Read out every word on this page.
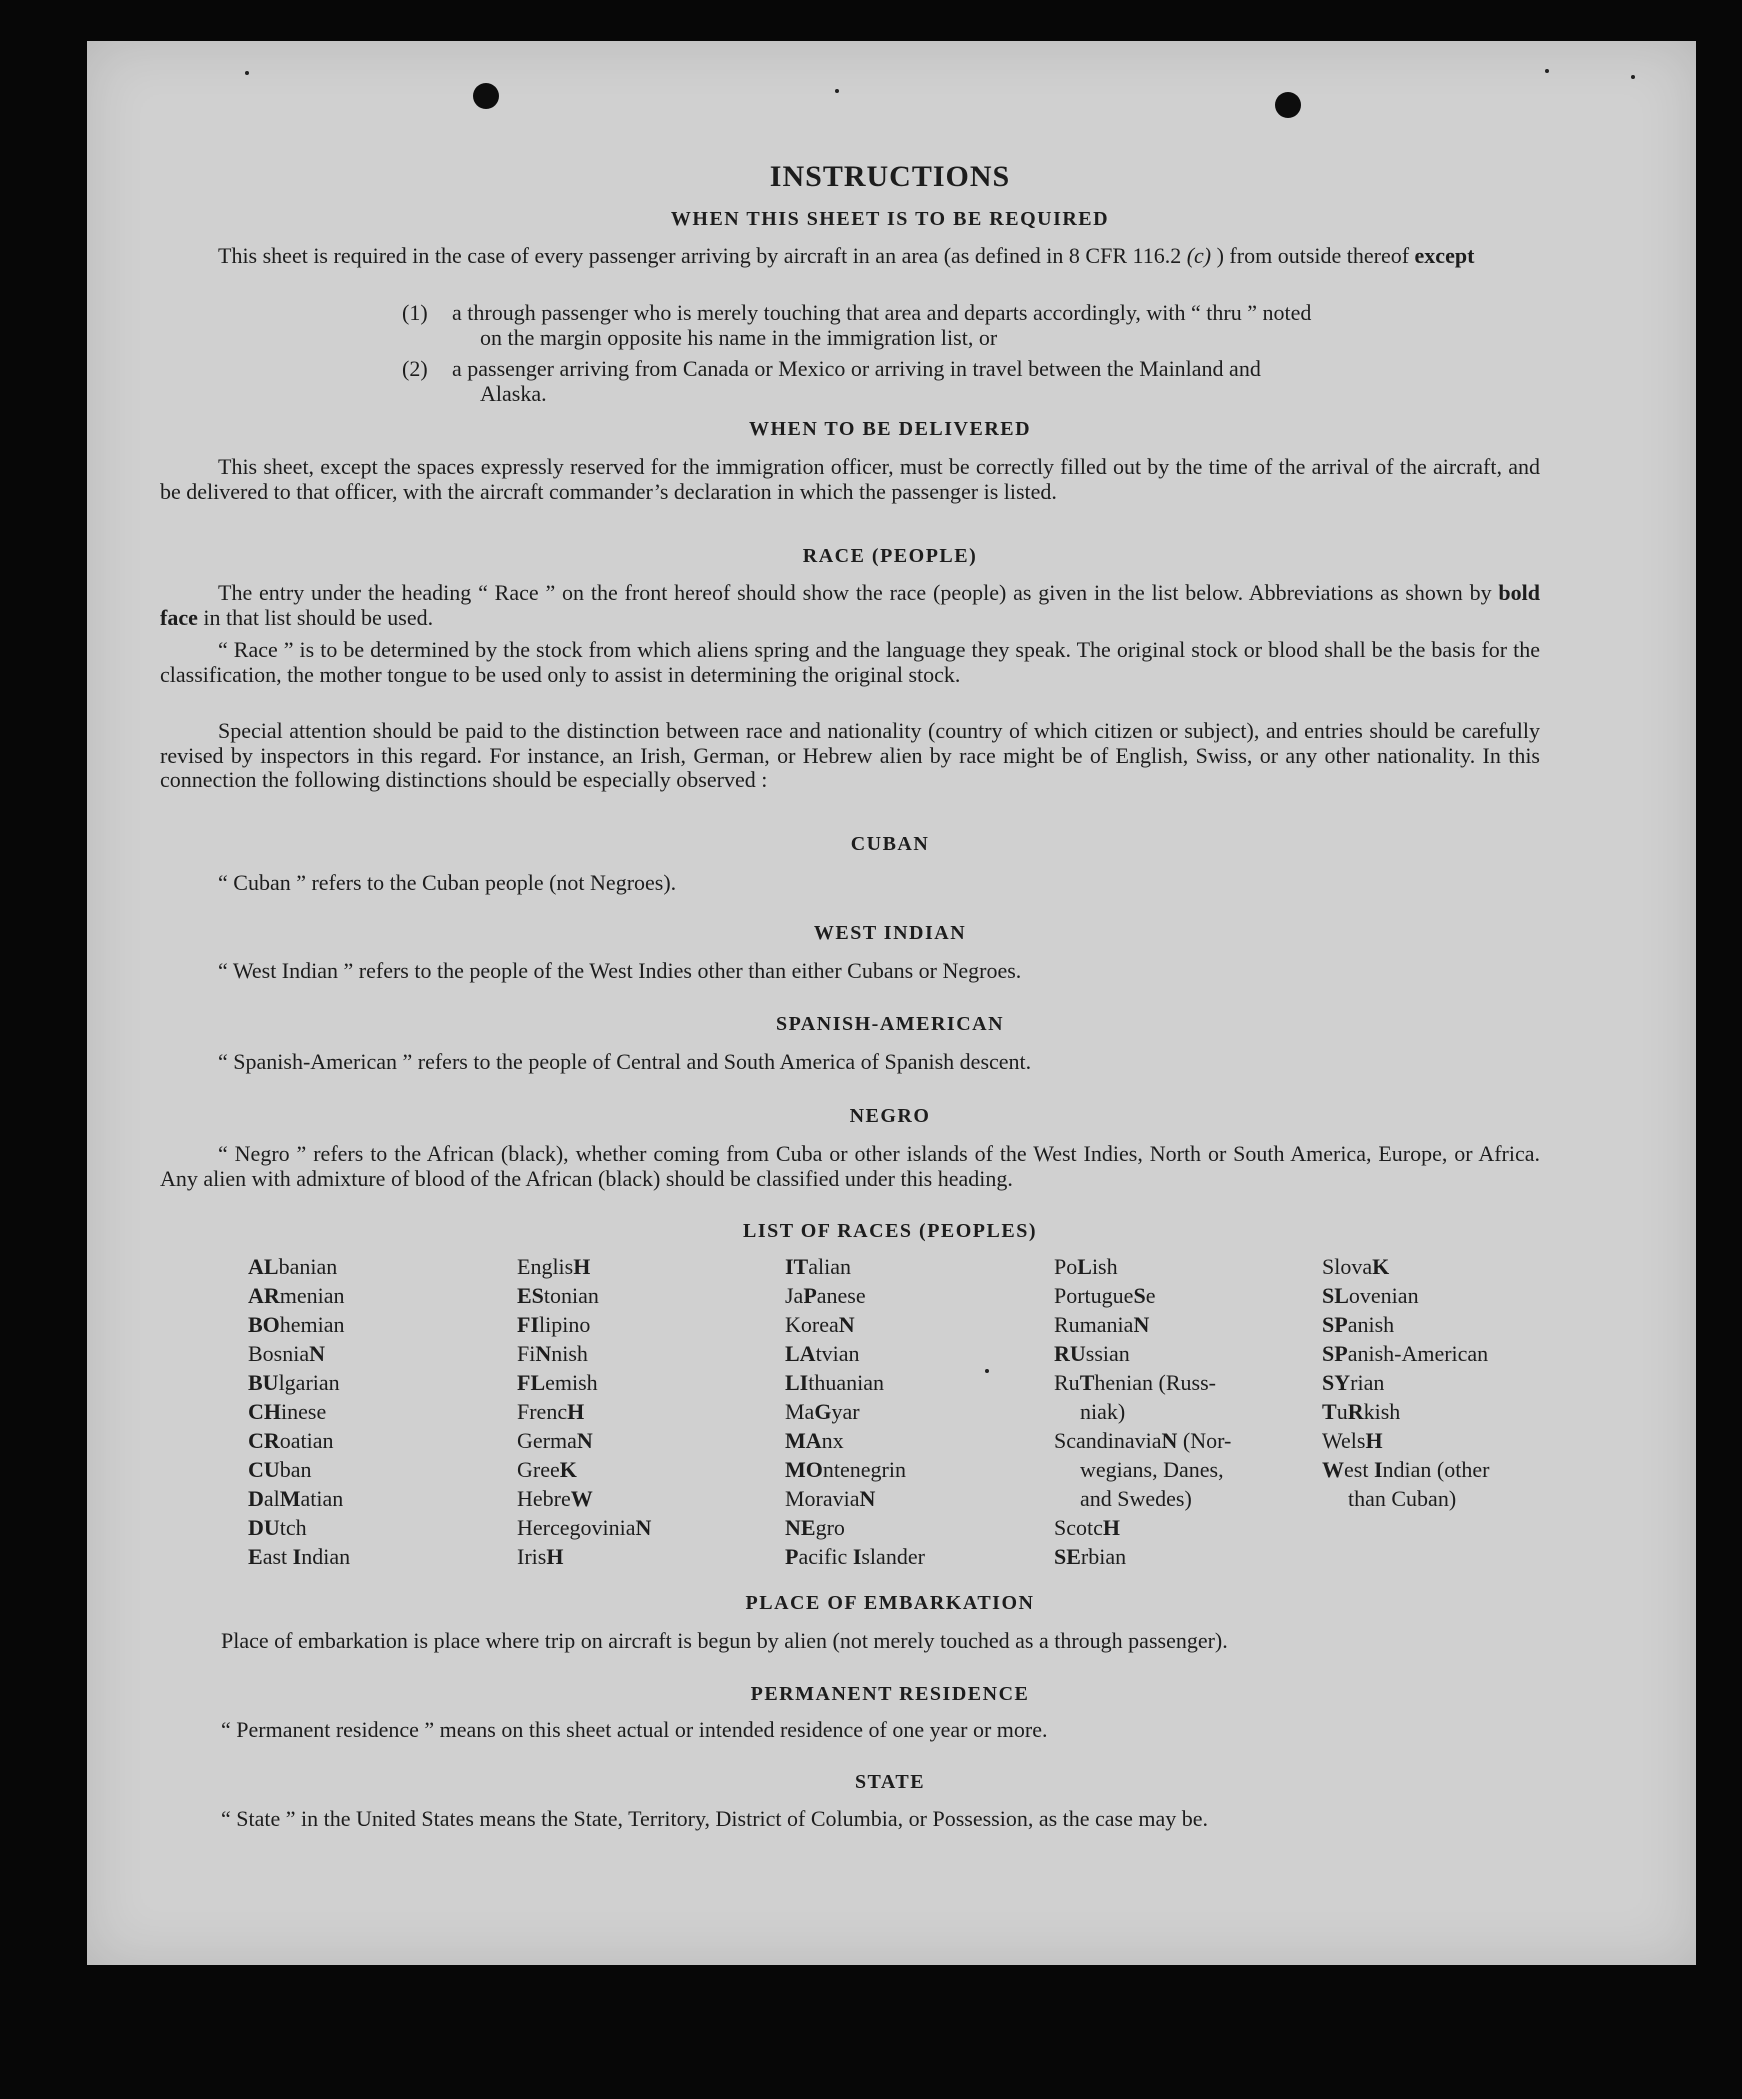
INSTRUCTIONS
WHEN THIS SHEET IS TO BE REQUIRED
This sheet is required in the case of every passenger arriving by aircraft in an area (as defined in 8 CFR 116.2 (c) ) from outside thereof except
(1) a through passenger who is merely touching that area and departs accordingly, with “ thru ” noted
on the margin opposite his name in the immigration list, or
(2) a passenger arriving from Canada or Mexico or arriving in travel between the Mainland and
Alaska.
WHEN TO BE DELIVERED
This sheet, except the spaces expressly reserved for the immigration officer, must be correctly filled out by the time of the arrival of the aircraft, and be delivered to that officer, with the aircraft commander’s declaration in which the passenger is listed.
RACE (PEOPLE)
The entry under the heading “ Race ” on the front hereof should show the race (people) as given in the list below. Abbreviations as shown by bold face in that list should be used.
“ Race ” is to be determined by the stock from which aliens spring and the language they speak. The original stock or blood shall be the basis for the classification, the mother tongue to be used only to assist in determining the original stock.
Special attention should be paid to the distinction between race and nationality (country of which citizen or subject), and entries should be carefully revised by inspectors in this regard. For instance, an Irish, German, or Hebrew alien by race might be of English, Swiss, or any other nationality. In this connection the following distinctions should be especially observed :
CUBAN
“ Cuban ” refers to the Cuban people (not Negroes).
WEST INDIAN
“ West Indian ” refers to the people of the West Indies other than either Cubans or Negroes.
SPANISH-AMERICAN
“ Spanish-American ” refers to the people of Central and South America of Spanish descent.
NEGRO
“ Negro ” refers to the African (black), whether coming from Cuba or other islands of the West Indies, North or South America, Europe, or Africa. Any alien with admixture of blood of the African (black) should be classified under this heading.
LIST OF RACES (PEOPLES)
ALbanian
ARmenian
BOhemian
BosniaN
BUlgarian
CHinese
CRoatian
CUban
DalMatian
DUtch
East Indian
EnglisH
EStonian
FIlipino
FiNnish
FLemish
FrencH
GermaN
GreeK
HebreW
HercegoviniaN
IrisH
ITalian
JaPanese
KoreaN
LAtvian
LIthuanian
MaGyar
MAnx
MOntenegrin
MoraviaN
NEgro
Pacific Islander
PoLish
PortugueSe
RumaniaN
RUssian
RuThenian (Russ-
niak)
ScandinaviaN (Nor-
wegians, Danes,
and Swedes)
ScotcH
SErbian
SlovaK
SLovenian
SPanish
SPanish-American
SYrian
TuRkish
WelsH
West Indian (other
than Cuban)
PLACE OF EMBARKATION
Place of embarkation is place where trip on aircraft is begun by alien (not merely touched as a through passenger).
PERMANENT RESIDENCE
“ Permanent residence ” means on this sheet actual or intended residence of one year or more.
STATE
“ State ” in the United States means the State, Territory, District of Columbia, or Possession, as the case may be.
